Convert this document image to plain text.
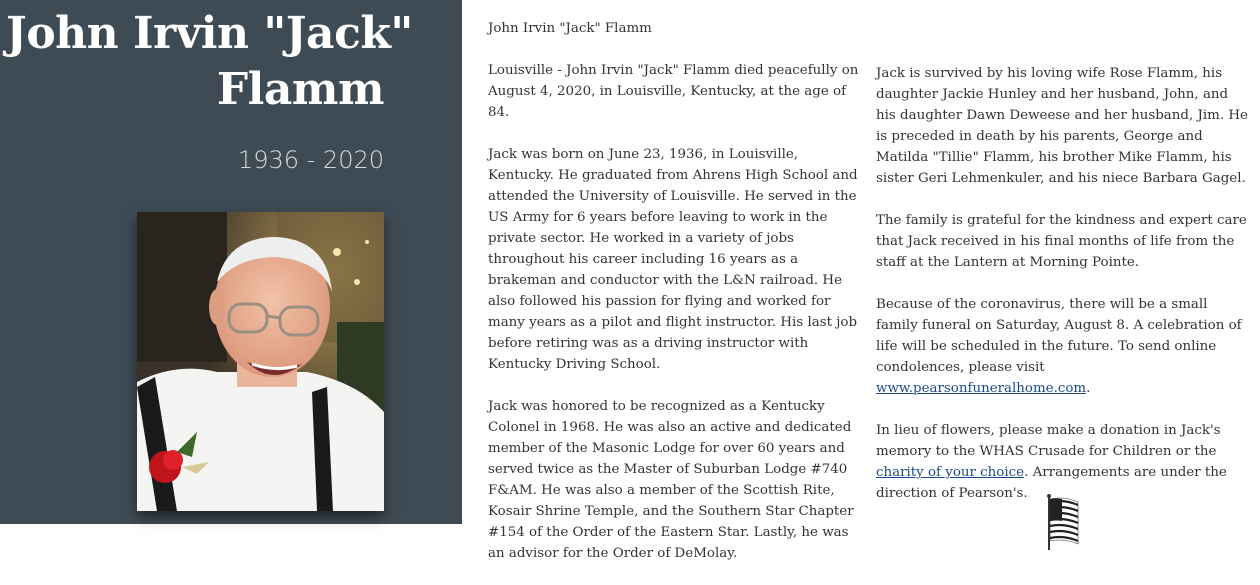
John Irvin "Jack"
Flamm
1936 - 2020
John Irvin "Jack" Flamm

Louisville - John Irvin "Jack" Flamm died peacefully on August 4, 2020, in Louisville, Kentucky, at the age of 84.

Jack was born on June 23, 1936, in Louisville, Kentucky. He graduated from Ahrens High School and attended the University of Louisville. He served in the US Army for 6 years before leaving to work in the private sector. He worked in a variety of jobs throughout his career including 16 years as a brakeman and conductor with the L&N railroad. He also followed his passion for flying and worked for many years as a pilot and flight instructor. His last job before retiring was as a driving instructor with Kentucky Driving School.

Jack was honored to be recognized as a Kentucky Colonel in 1968. He was also an active and dedicated member of the Masonic Lodge for over 60 years and served twice as the Master of Suburban Lodge #740 F&AM. He was also a member of the Scottish Rite, Kosair Shrine Temple, and the Southern Star Chapter #154 of the Order of the Eastern Star. Lastly, he was an advisor for the Order of DeMolay.

Jack is survived by his loving wife Rose Flamm, his daughter Jackie Hunley and her husband, John, and his daughter Dawn Deweese and her husband, Jim. He is preceded in death by his parents, George and Matilda "Tillie" Flamm, his brother Mike Flamm, his sister Geri Lehmenkuler, and his niece Barbara Gagel.

The family is grateful for the kindness and expert care that Jack received in his final months of life from the staff at the Lantern at Morning Pointe.

Because of the coronavirus, there will be a small family funeral on Saturday, August 8. A celebration of life will be scheduled in the future. To send online condolences, please visit www.pearsonfuneralhome.com.

In lieu of flowers, please make a donation in Jack's memory to the WHAS Crusade for Children or the charity of your choice. Arrangements are under the direction of Pearson's.
